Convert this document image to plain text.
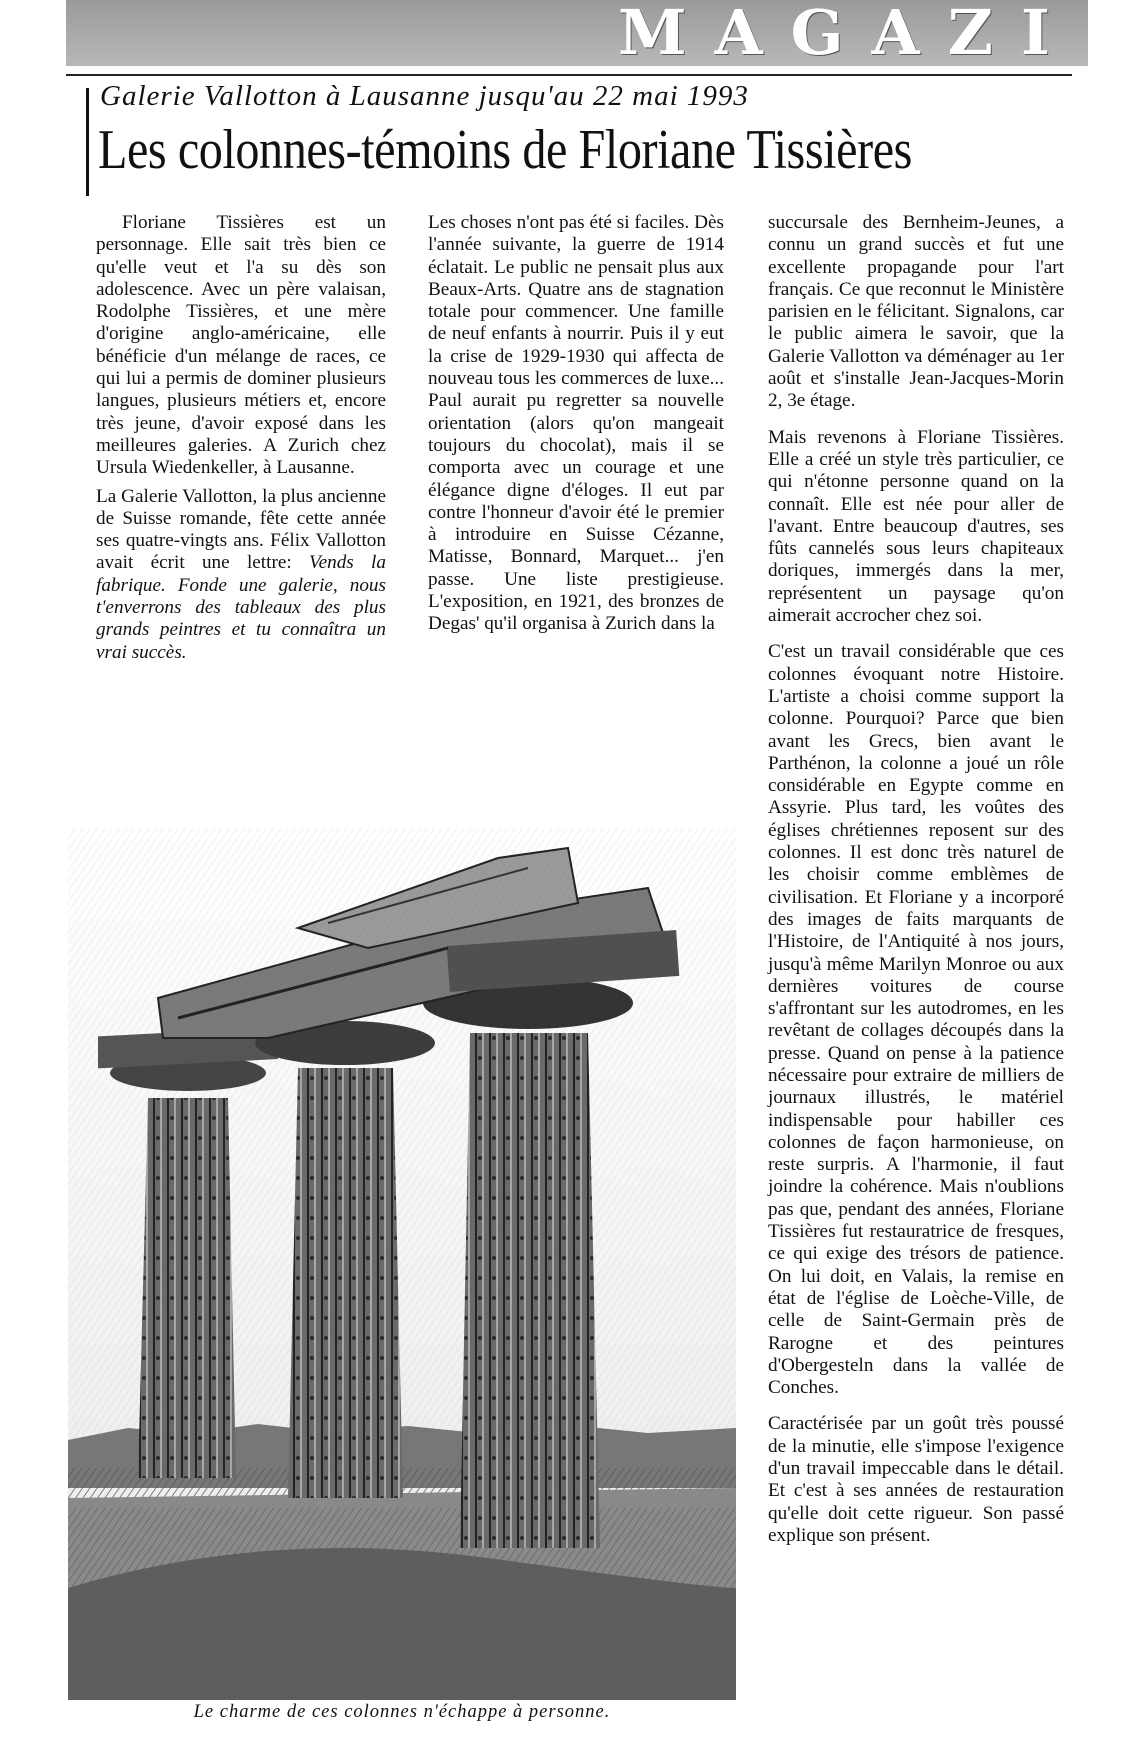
MAGAZI
Galerie Vallotton à Lausanne jusqu'au 22 mai 1993
Les colonnes-témoins de Floriane Tissières

Floriane Tissières est un personnage. Elle sait très bien ce qu'elle veut et l'a su dès son adolescence. Avec un père valaisan, Rodolphe Tissières, et une mère d'origine anglo-américaine, elle bénéficie d'un mélange de races, ce qui lui a permis de dominer plusieurs langues, plusieurs métiers et, encore très jeune, d'avoir exposé dans les meilleures galeries. A Zurich chez Ursula Wiedenkeller, à Lausanne.

La Galerie Vallotton, la plus ancienne de Suisse romande, fête cette année ses quatre-vingts ans. Félix Vallotton avait écrit une lettre: Vends la fabrique. Fonde une galerie, nous t'enverrons des tableaux des plus grands peintres et tu connaîtra un vrai succès.

Les choses n'ont pas été si faciles. Dès l'année suivante, la guerre de 1914 éclatait. Le public ne pensait plus aux Beaux-Arts. Quatre ans de stagnation totale pour commencer. Une famille de neuf enfants à nourrir. Puis il y eut la crise de 1929-1930 qui affecta de nouveau tous les commerces de luxe... Paul aurait pu regretter sa nouvelle orientation (alors qu'on mangeait toujours du chocolat), mais il se comporta avec un courage et une élégance digne d'éloges. Il eut par contre l'honneur d'avoir été le premier à introduire en Suisse Cézanne, Matisse, Bonnard, Marquet... j'en passe. Une liste prestigieuse. L'exposition, en 1921, des bronzes de Degas' qu'il organisa à Zurich dans la

succursale des Bernheim-Jeunes, a connu un grand succès et fut une excellente propagande pour l'art français. Ce que reconnut le Ministère parisien en le félicitant. Signalons, car le public aimera le savoir, que la Galerie Vallotton va déménager au 1er août et s'installe Jean-Jacques-Morin 2, 3e étage.

Mais revenons à Floriane Tissières. Elle a créé un style très particulier, ce qui n'étonne personne quand on la connaît. Elle est née pour aller de l'avant. Entre beaucoup d'autres, ses fûts cannelés sous leurs chapiteaux doriques, immergés dans la mer, représentent un paysage qu'on aimerait accrocher chez soi.

C'est un travail considérable que ces colonnes évoquant notre Histoire. L'artiste a choisi comme support la colonne. Pourquoi? Parce que bien avant les Grecs, bien avant le Parthénon, la colonne a joué un rôle considérable en Egypte comme en Assyrie. Plus tard, les voûtes des églises chrétiennes reposent sur des colonnes. Il est donc très naturel de les choisir comme emblèmes de civilisation. Et Floriane y a incorporé des images de faits marquants de l'Histoire, de l'Antiquité à nos jours, jusqu'à même Marilyn Monroe ou aux dernières voitures de course s'affrontant sur les autodromes, en les revêtant de collages découpés dans la presse. Quand on pense à la patience nécessaire pour extraire de milliers de journaux illustrés, le matériel indispensable pour habiller ces colonnes de façon harmonieuse, on reste surpris. A l'harmonie, il faut joindre la cohérence. Mais n'oublions pas que, pendant des années, Floriane Tissières fut restauratrice de fresques, ce qui exige des trésors de patience. On lui doit, en Valais, la remise en état de l'église de Loèche-Ville, de celle de Saint-Germain près de Rarogne et des peintures d'Obergesteln dans la vallée de Conches.

Caractérisée par un goût très poussé de la minutie, elle s'impose l'exigence d'un travail impeccable dans le détail. Et c'est à ses années de restauration qu'elle doit cette rigueur. Son passé explique son présent.

Le charme de ces colonnes n'échappe à personne.
